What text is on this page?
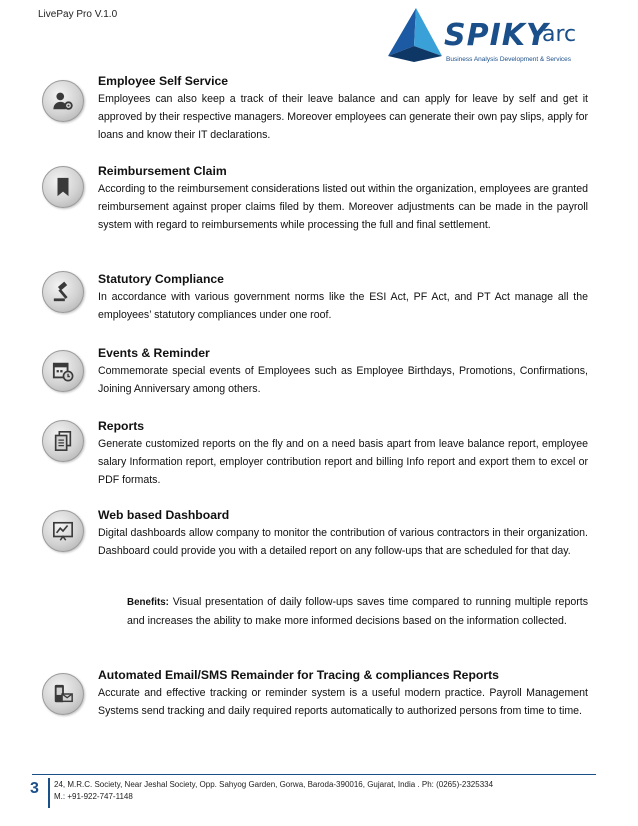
LivePay Pro V.1.0
SPIKY
arc
Business Analysis Development & Services
Employee Self Service
Employees can also keep a track of their leave balance and can apply for leave by self and get it approved by their respective managers. Moreover employees can generate their own pay slips, apply for loans and know their IT declarations.
Reimbursement Claim
According to the reimbursement considerations listed out within the organization, employees are granted reimbursement against proper claims filed by them. Moreover adjustments can be made in the payroll system with regard to reimbursements while processing the full and final settlement.
Statutory Compliance
In accordance with various government norms like the ESI Act, PF Act, and PT Act manage all the employees’ statutory compliances under one roof.
Events & Reminder
Commemorate special events of Employees such as Employee Birthdays, Promotions, Confirmations, Joining Anniversary among others.
Reports
Generate customized reports on the fly and on a need basis apart from leave balance report, employee salary Information report, employer contribution report and billing Info report and export them to excel or PDF formats.
Web based Dashboard
Digital dashboards allow company to monitor the contribution of various contractors in their organization. Dashboard could provide you with a detailed report on any follow-ups that are scheduled for that day.
Benefits: Visual presentation of daily follow-ups saves time compared to running multiple reports and increases the ability to make more informed decisions based on the information collected.
Automated Email/SMS Remainder for Tracing & compliances Reports
Accurate and effective tracking or reminder system is a useful modern practice. Payroll Management Systems send tracking and daily required reports automatically to authorized persons from time to time.
3 24, M.R.C. Society, Near Jeshal Society, Opp. Sahyog Garden, Gorwa, Baroda-390016, Gujarat, India . Ph: (0265)-2325334
M.: +91-922-747-1148
